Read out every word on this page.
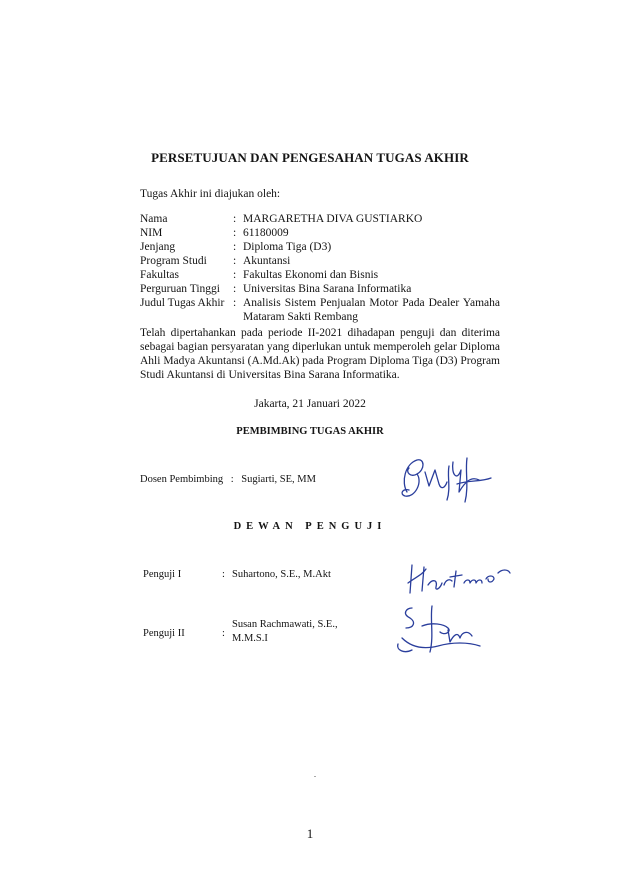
PERSETUJUAN DAN PENGESAHAN TUGAS AKHIR
Tugas Akhir ini diajukan oleh:
Nama	: MARGARETHA DIVA GUSTIARKO
NIM	: 61180009
Jenjang	: Diploma Tiga (D3)
Program Studi	: Akuntansi
Fakultas	: Fakultas Ekonomi dan Bisnis
Perguruan Tinggi	: Universitas Bina Sarana Informatika
Judul Tugas Akhir : Analisis Sistem Penjualan Motor Pada Dealer Yamaha Mataram Sakti Rembang
Telah dipertahankan pada periode II-2021 dihadapan penguji dan diterima sebagai bagian persyaratan yang diperlukan untuk memperoleh gelar Diploma Ahli Madya Akuntansi (A.Md.Ak) pada Program Diploma Tiga (D3) Program Studi Akuntansi di Universitas Bina Sarana Informatika.
Jakarta, 21 Januari 2022
PEMBIMBING TUGAS AKHIR
Dosen Pembimbing : Sugiarti, SE, MM
DEWAN PENGUJI
Penguji I	: Suhartono, S.E., M.Akt
Penguji II	:
Susan Rachmawati, S.E., M.M.S.I
.
1
